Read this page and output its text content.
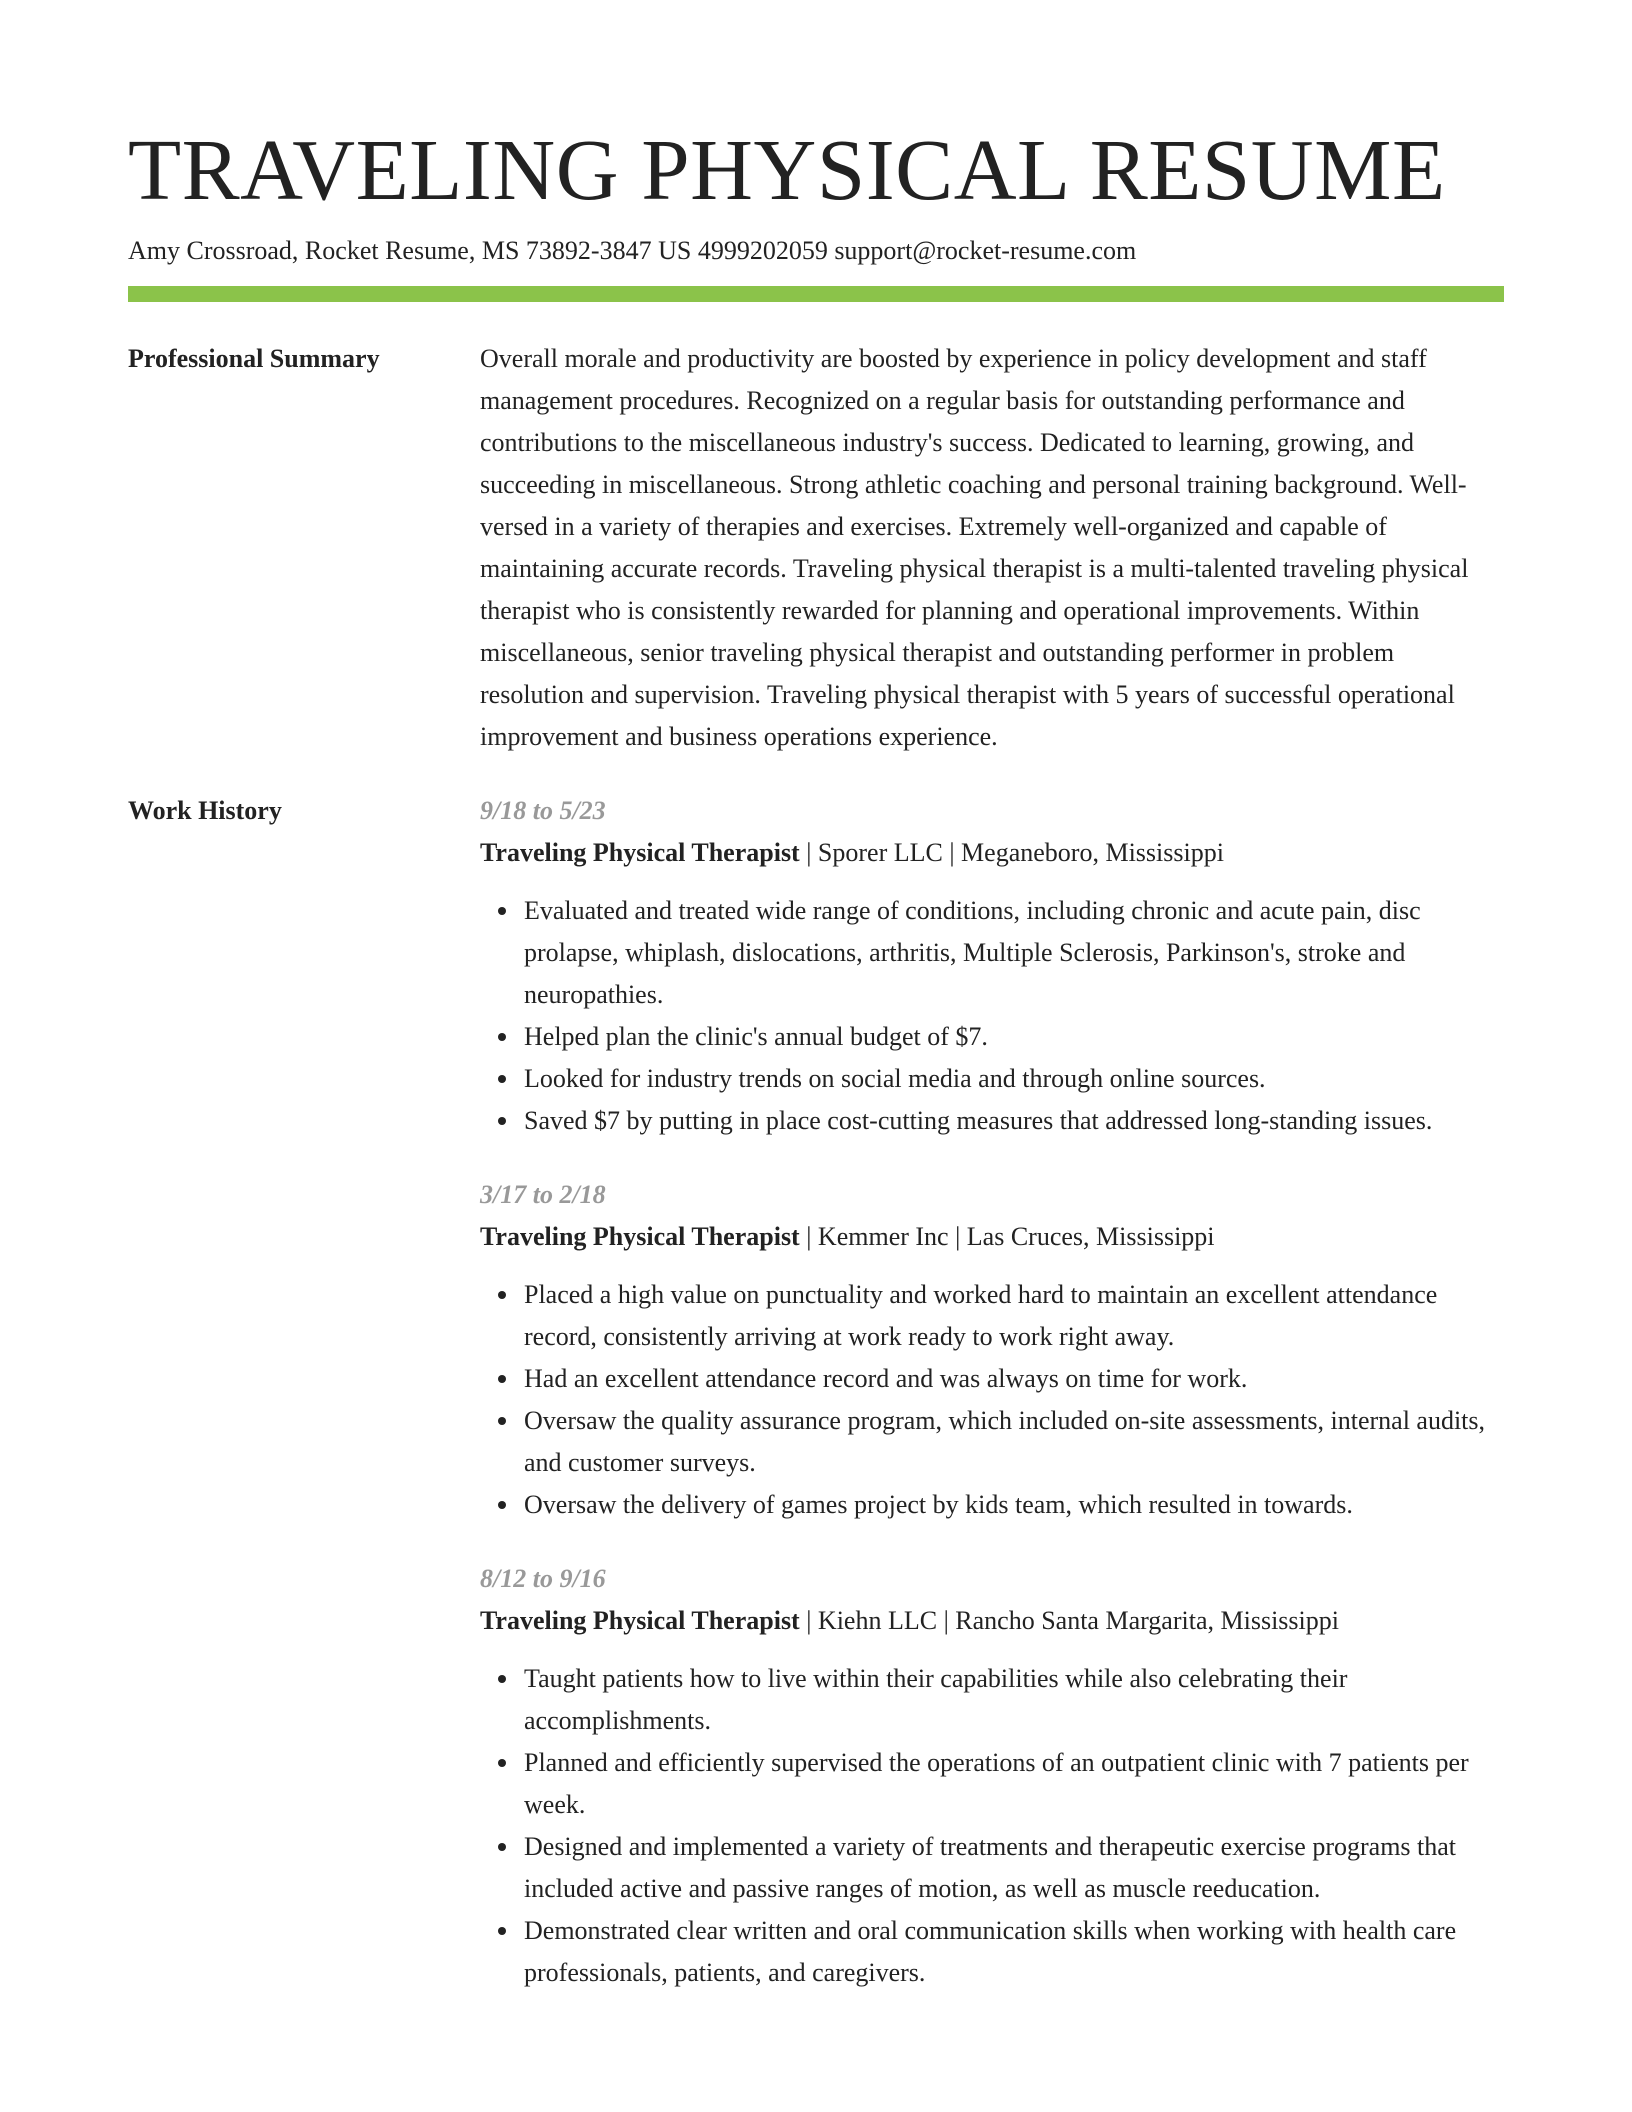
TRAVELING PHYSICAL RESUME
Amy Crossroad, Rocket Resume, MS 73892-3847 US 4999202059 support@rocket-resume.com
Professional Summary	Overall morale and productivity are boosted by experience in policy development and staff management procedures. Recognized on a regular basis for outstanding performance and contributions to the miscellaneous industry's success. Dedicated to learning, growing, and succeeding in miscellaneous. Strong athletic coaching and personal training background. Well-versed in a variety of therapies and exercises. Extremely well-organized and capable of maintaining accurate records. Traveling physical therapist is a multi-talented traveling physical therapist who is consistently rewarded for planning and operational improvements. Within miscellaneous, senior traveling physical therapist and outstanding performer in problem resolution and supervision. Traveling physical therapist with 5 years of successful operational improvement and business operations experience.

Work History	9/18 to 5/23
Traveling Physical Therapist | Sporer LLC | Meganeboro, Mississippi
Evaluated and treated wide range of conditions, including chronic and acute pain, disc prolapse, whiplash, dislocations, arthritis, Multiple Sclerosis, Parkinson's, stroke and neuropathies.
Helped plan the clinic's annual budget of $7.
Looked for industry trends on social media and through online sources.
Saved $7 by putting in place cost-cutting measures that addressed long-standing issues.
3/17 to 2/18
Traveling Physical Therapist | Kemmer Inc | Las Cruces, Mississippi
Placed a high value on punctuality and worked hard to maintain an excellent attendance record, consistently arriving at work ready to work right away.
Had an excellent attendance record and was always on time for work.
Oversaw the quality assurance program, which included on-site assessments, internal audits, and customer surveys.
Oversaw the delivery of games project by kids team, which resulted in towards.
8/12 to 9/16
Traveling Physical Therapist | Kiehn LLC | Rancho Santa Margarita, Mississippi
Taught patients how to live within their capabilities while also celebrating their accomplishments.
Planned and efficiently supervised the operations of an outpatient clinic with 7 patients per week.
Designed and implemented a variety of treatments and therapeutic exercise programs that included active and passive ranges of motion, as well as muscle reeducation.
Demonstrated clear written and oral communication skills when working with health care professionals, patients, and caregivers.
